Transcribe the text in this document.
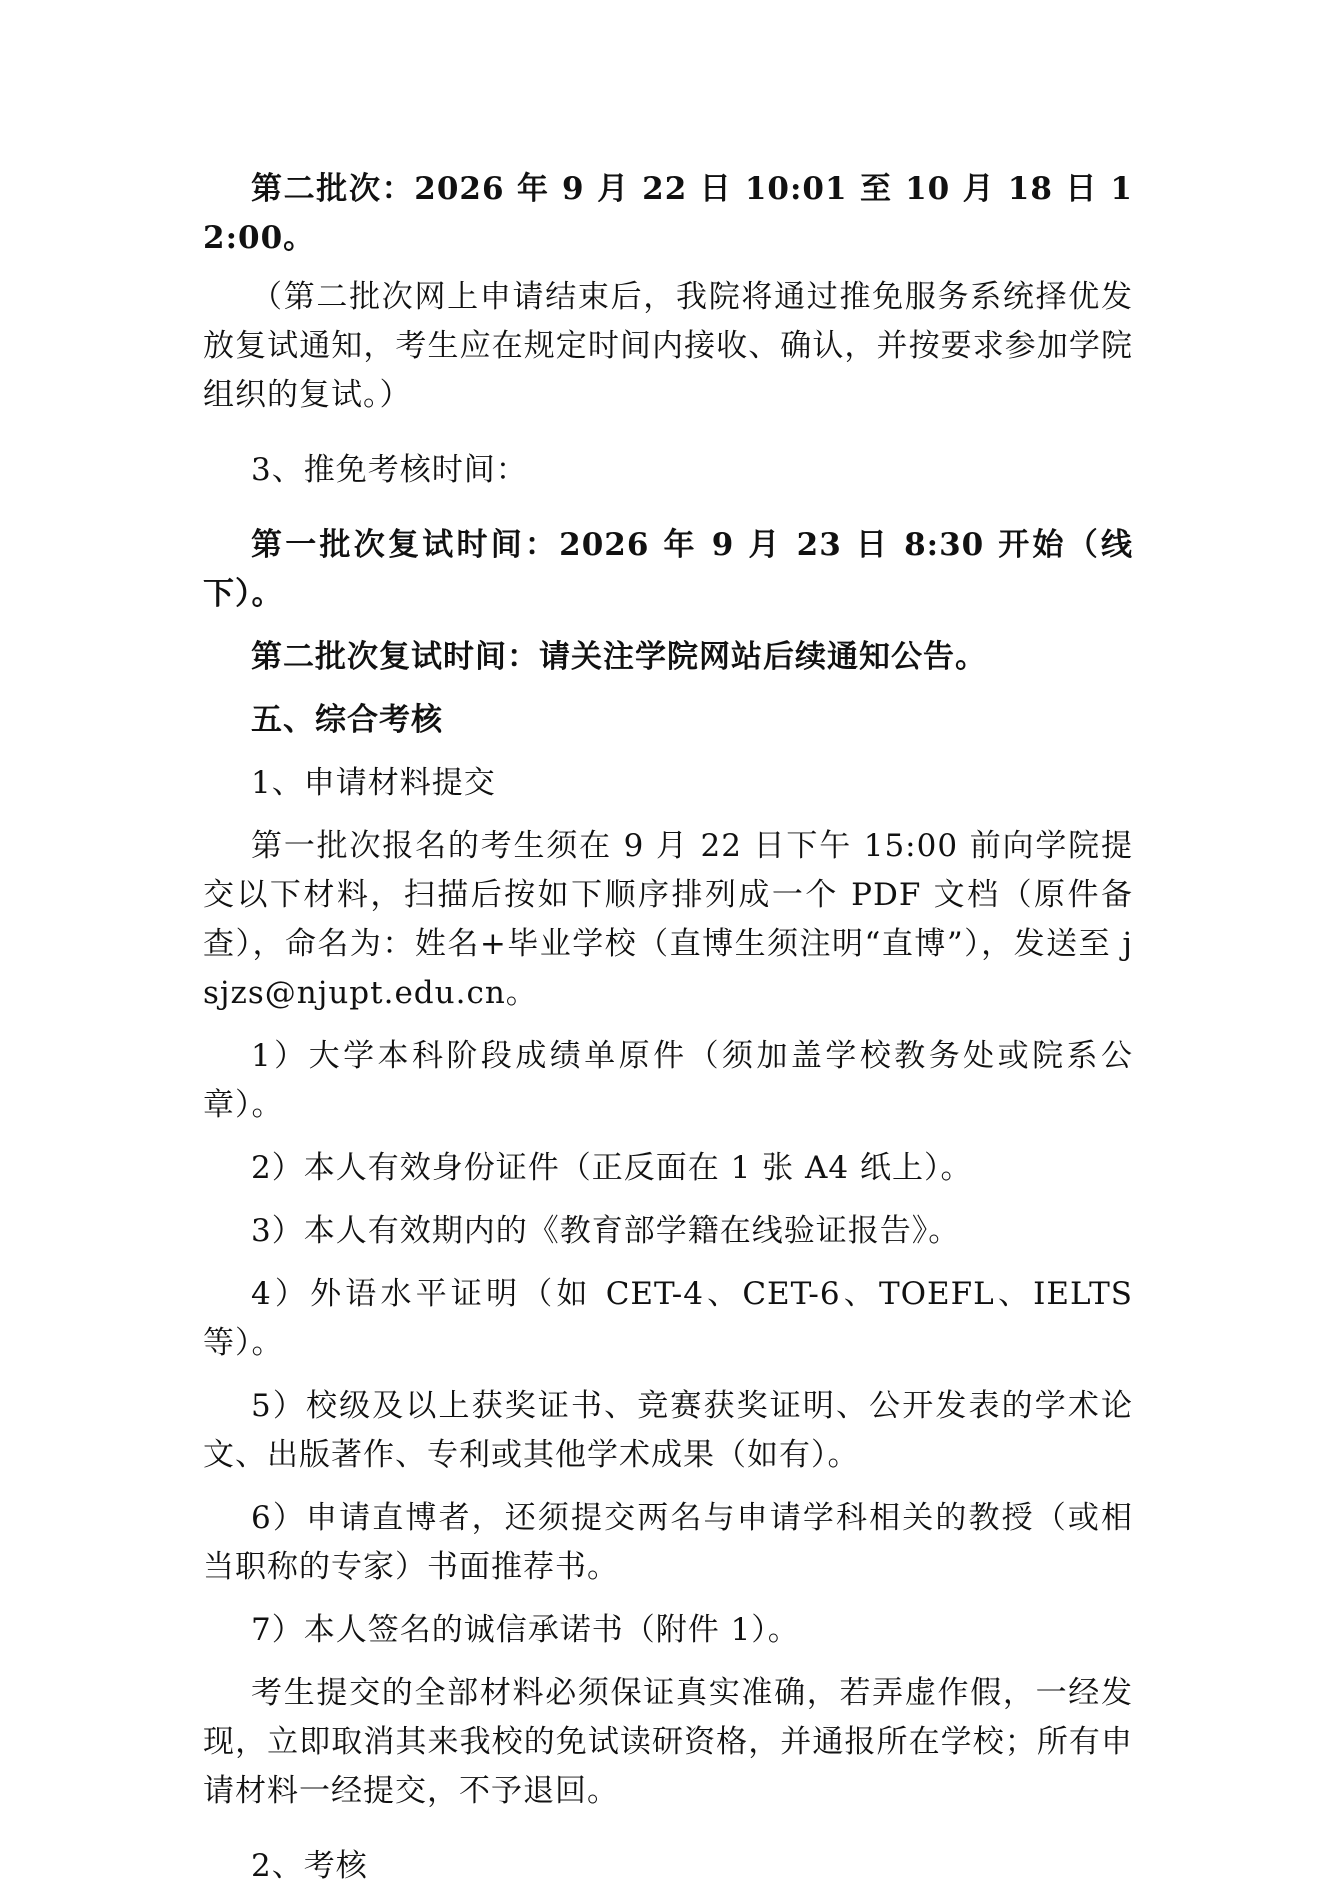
第二批次：2026 年 9 月 22 日 10:01 至 10 月 18 日 12:00。

（第二批次网上申请结束后，我院将通过推免服务系统择优发放复试通知，考生应在规定时间内接收、确认，并按要求参加学院组织的复试。）

3、推免考核时间：

第一批次复试时间：2026 年 9 月 23 日 8:30 开始（线下）。

第二批次复试时间：请关注学院网站后续通知公告。

五、综合考核

1、申请材料提交

第一批次报名的考生须在 9 月 22 日下午 15:00 前向学院提交以下材料，扫描后按如下顺序排列成一个 PDF 文档（原件备查），命名为：姓名+毕业学校（直博生须注明“直博”），发送至 jsjzs@njupt.edu.cn。

1）大学本科阶段成绩单原件（须加盖学校教务处或院系公章）。

2）本人有效身份证件（正反面在 1 张 A4 纸上）。

3）本人有效期内的《教育部学籍在线验证报告》。

4）外语水平证明（如 CET-4、CET-6、TOEFL、IELTS 等）。

5）校级及以上获奖证书、竞赛获奖证明、公开发表的学术论文、出版著作、专利或其他学术成果（如有）。

6）申请直博者，还须提交两名与申请学科相关的教授（或相当职称的专家）书面推荐书。

7）本人签名的诚信承诺书（附件 1）。

考生提交的全部材料必须保证真实准确，若弄虚作假，一经发现，立即取消其来我校的免试读研资格，并通报所在学校；所有申请材料一经提交，不予退回。

2、考核
